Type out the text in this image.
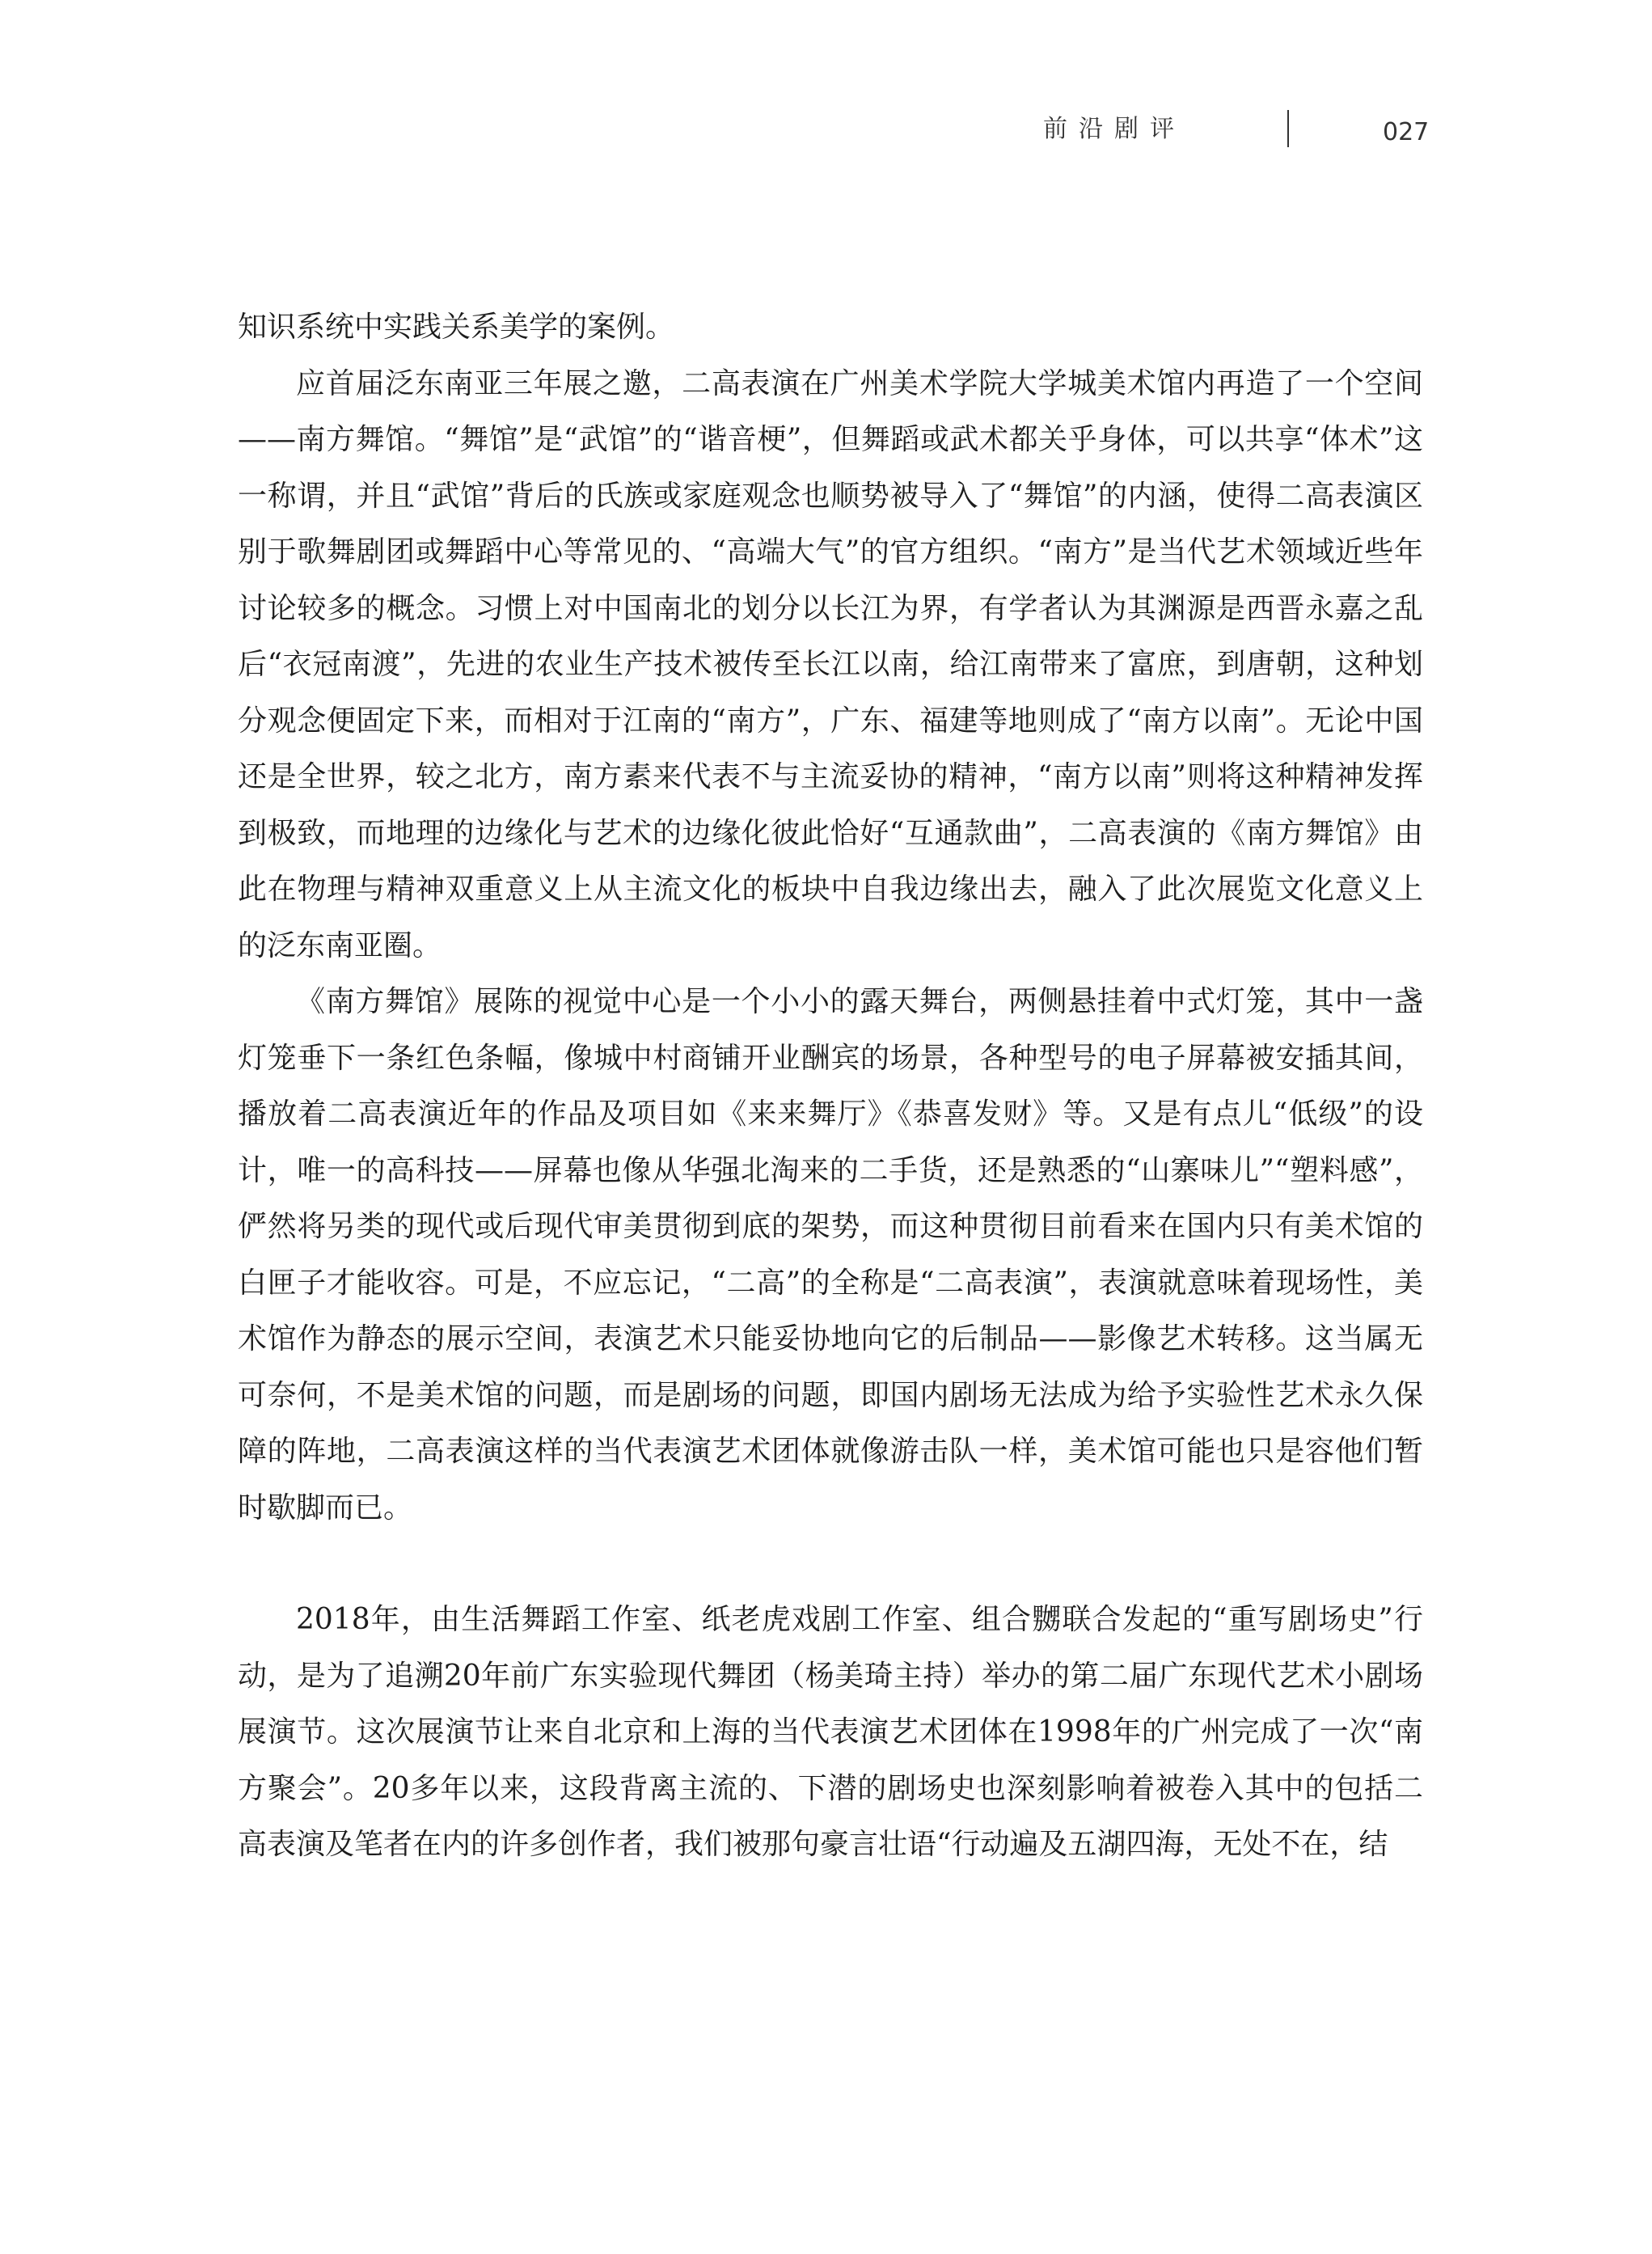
前沿剧评	027

知识系统中实践关系美学的案例。

应首届泛东南亚三年展之邀，二高表演在广州美术学院大学城美术馆内再造了一个空间——南方舞馆。“舞馆”是“武馆”的“谐音梗”，但舞蹈或武术都关乎身体，可以共享“体术”这一称谓，并且“武馆”背后的氏族或家庭观念也顺势被导入了“舞馆”的内涵，使得二高表演区别于歌舞剧团或舞蹈中心等常见的、“高端大气”的官方组织。“南方”是当代艺术领域近些年讨论较多的概念。习惯上对中国南北的划分以长江为界，有学者认为其渊源是西晋永嘉之乱后“衣冠南渡”，先进的农业生产技术被传至长江以南，给江南带来了富庶，到唐朝，这种划分观念便固定下来，而相对于江南的“南方”，广东、福建等地则成了“南方以南”。无论中国还是全世界，较之北方，南方素来代表不与主流妥协的精神，“南方以南”则将这种精神发挥到极致，而地理的边缘化与艺术的边缘化彼此恰好“互通款曲”，二高表演的《南方舞馆》由此在物理与精神双重意义上从主流文化的板块中自我边缘出去，融入了此次展览文化意义上的泛东南亚圈。

《南方舞馆》展陈的视觉中心是一个小小的露天舞台，两侧悬挂着中式灯笼，其中一盏灯笼垂下一条红色条幅，像城中村商铺开业酬宾的场景，各种型号的电子屏幕被安插其间，播放着二高表演近年的作品及项目如《来来舞厅》《恭喜发财》等。又是有点儿“低级”的设计，唯一的高科技——屏幕也像从华强北淘来的二手货，还是熟悉的“山寨味儿”“塑料感”，俨然将另类的现代或后现代审美贯彻到底的架势，而这种贯彻目前看来在国内只有美术馆的白匣子才能收容。可是，不应忘记，“二高”的全称是“二高表演”，表演就意味着现场性，美术馆作为静态的展示空间，表演艺术只能妥协地向它的后制品——影像艺术转移。这当属无可奈何，不是美术馆的问题，而是剧场的问题，即国内剧场无法成为给予实验性艺术永久保障的阵地，二高表演这样的当代表演艺术团体就像游击队一样，美术馆可能也只是容他们暂时歇脚而已。

2018年，由生活舞蹈工作室、纸老虎戏剧工作室、组合嬲联合发起的“重写剧场史”行动，是为了追溯20年前广东实验现代舞团（杨美琦主持）举办的第二届广东现代艺术小剧场展演节。这次展演节让来自北京和上海的当代表演艺术团体在1998年的广州完成了一次“南方聚会”。20多年以来，这段背离主流的、下潜的剧场史也深刻影响着被卷入其中的包括二高表演及笔者在内的许多创作者，我们被那句豪言壮语“行动遍及五湖四海，无处不在，结
